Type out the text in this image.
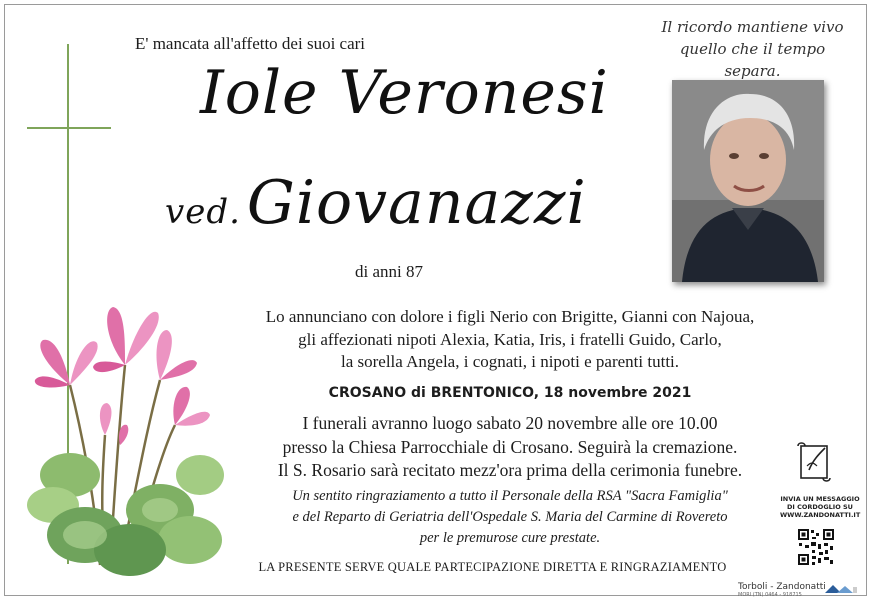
E' mancata all'affetto dei suoi cari
Il ricordo mantiene vivo
quello che il tempo separa.
Iole Veronesi
ved. Giovanazzi
di anni 87
Lo annunciano con dolore i figli Nerio con Brigitte, Gianni con Najoua,
gli affezionati nipoti Alexia, Katia, Iris, i fratelli Guido, Carlo,
la sorella Angela, i cognati, i nipoti e parenti tutti.
CROSANO di BRENTONICO, 18 novembre 2021
I funerali avranno luogo sabato 20 novembre alle ore 10.00
presso la Chiesa Parrocchiale di Crosano. Seguirà la cremazione.
Il S. Rosario sarà recitato mezz'ora prima della cerimonia funebre.
Un sentito ringraziamento a tutto il Personale della RSA "Sacra Famiglia"
e del Reparto di Geriatria dell'Ospedale S. Maria del Carmine di Rovereto
per le premurose cure prestate.
LA PRESENTE SERVE QUALE PARTECIPAZIONE DIRETTA E RINGRAZIAMENTO
INVIA UN MESSAGGIO
DI CORDOGLIO SU
WWW.ZANDONATTI.IT
Torboli - Zandonatti
MORI (TN) 0464 - 918715
